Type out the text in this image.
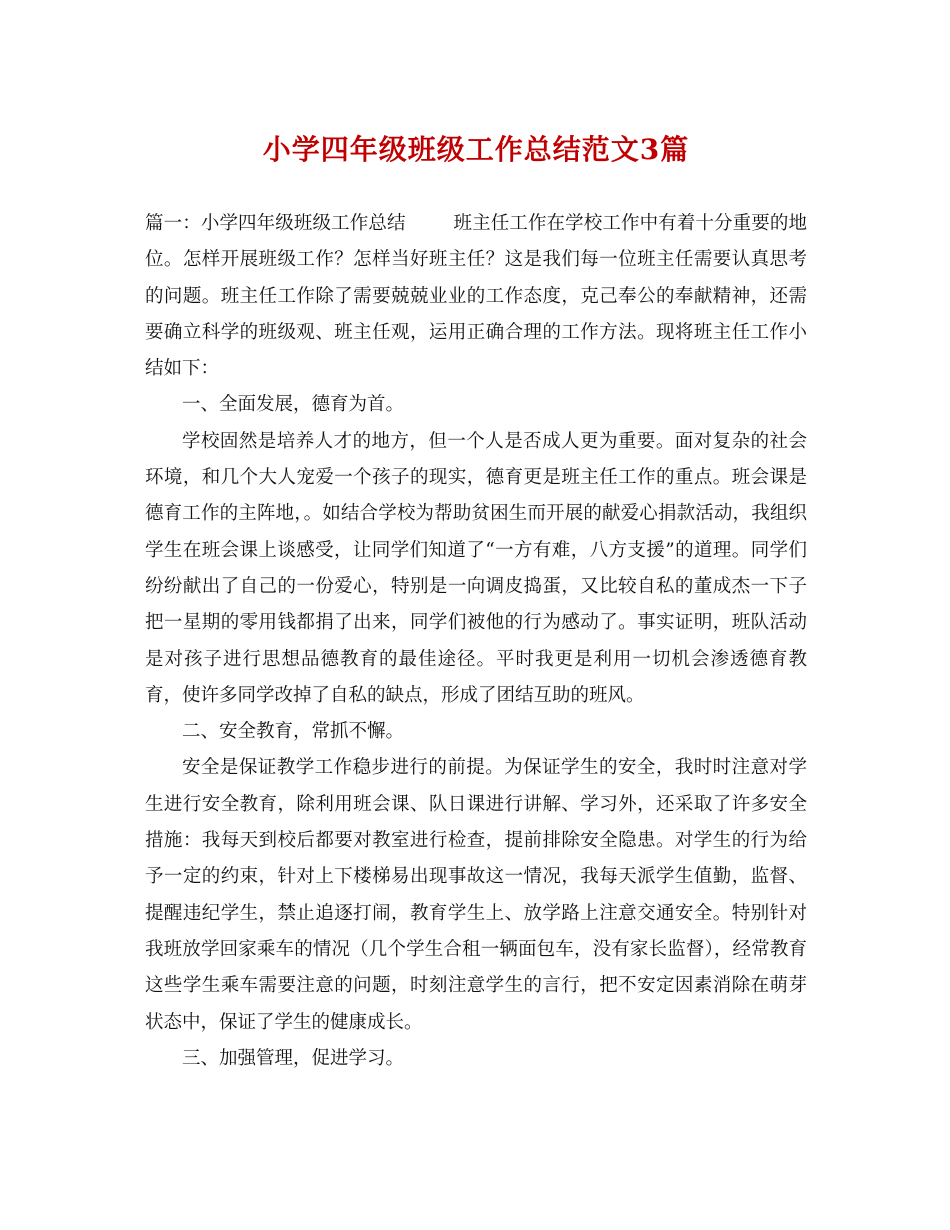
小学四年级班级工作总结范文3篇

篇一：小学四年级班级工作总结	班主任工作在学校工作中有着十分重要的地位。怎样开展班级工作？怎样当好班主任？这是我们每一位班主任需要认真思考的问题。班主任工作除了需要兢兢业业的工作态度，克己奉公的奉献精神，还需要确立科学的班级观、班主任观，运用正确合理的工作方法。现将班主任工作小结如下：

一、全面发展，德育为首。

学校固然是培养人才的地方，但一个人是否成人更为重要。面对复杂的社会环境，和几个大人宠爱一个孩子的现实，德育更是班主任工作的重点。班会课是德育工作的主阵地，。如结合学校为帮助贫困生而开展的献爱心捐款活动，我组织学生在班会课上谈感受，让同学们知道了“一方有难，八方支援”的道理。同学们纷纷献出了自己的一份爱心，特别是一向调皮捣蛋，又比较自私的董成杰一下子把一星期的零用钱都捐了出来，同学们被他的行为感动了。事实证明，班队活动是对孩子进行思想品德教育的最佳途径。平时我更是利用一切机会渗透德育教育，使许多同学改掉了自私的缺点，形成了团结互助的班风。

二、安全教育，常抓不懈。

安全是保证教学工作稳步进行的前提。为保证学生的安全，我时时注意对学生进行安全教育，除利用班会课、队日课进行讲解、学习外，还采取了许多安全措施：我每天到校后都要对教室进行检查，提前排除安全隐患。对学生的行为给予一定的约束，针对上下楼梯易出现事故这一情况，我每天派学生值勤，监督、提醒违纪学生，禁止追逐打闹，教育学生上、放学路上注意交通安全。特别针对我班放学回家乘车的情况（几个学生合租一辆面包车，没有家长监督），经常教育这些学生乘车需要注意的问题，时刻注意学生的言行，把不安定因素消除在萌芽状态中，保证了学生的健康成长。

三、加强管理，促进学习。
